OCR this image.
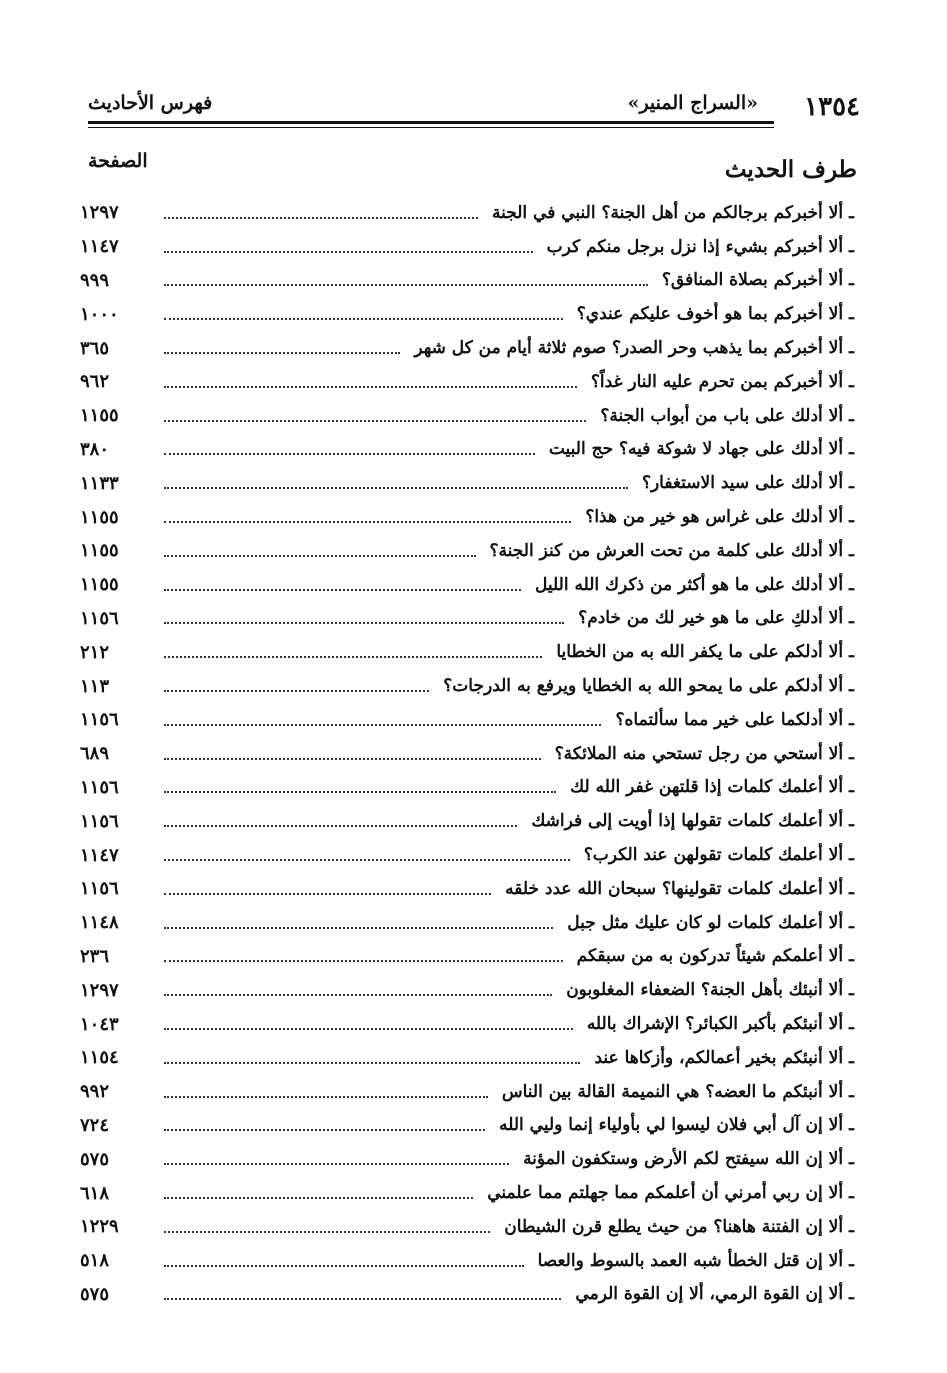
١٣٥٤
«السراج المنير»
فهرس الأحاديث
طرف الحديث
الصفحة
ـ ألا أخبركم برجالكم من أهل الجنة؟ النبي في الجنة
١٢٩٧
ـ ألا أخبركم بشيء إذا نزل برجل منكم كرب
١١٤٧
ـ ألا أخبركم بصلاة المنافق؟
٩٩٩
ـ ألا أخبركم بما هو أخوف عليكم عندي؟
١٠٠٠
ـ ألا أخبركم بما يذهب وحر الصدر؟ صوم ثلاثة أيام من كل شهر
٣٦٥
ـ ألا أخبركم بمن تحرم عليه النار غداً؟
٩٦٢
ـ ألا أدلك على باب من أبواب الجنة؟
١١٥٥
ـ ألا أدلك على جهاد لا شوكة فيه؟ حج البيت
٣٨٠
ـ ألا أدلك على سيد الاستغفار؟
١١٣٣
ـ ألا أدلك على غراس هو خير من هذا؟
١١٥٥
ـ ألا أدلك على كلمة من تحت العرش من كنز الجنة؟
١١٥٥
ـ ألا أدلك على ما هو أكثر من ذكرك الله الليل
١١٥٥
ـ ألا أدلكِ على ما هو خير لك من خادم؟
١١٥٦
ـ ألا أدلكم على ما يكفر الله به من الخطايا
٢١٢
ـ ألا أدلكم على ما يمحو الله به الخطايا ويرفع به الدرجات؟
١١٣
ـ ألا أدلكما على خير مما سألتماه؟
١١٥٦
ـ ألا أستحي من رجل تستحي منه الملائكة؟
٦٨٩
ـ ألا أعلمك كلمات إذا قلتهن غفر الله لك
١١٥٦
ـ ألا أعلمك كلمات تقولها إذا أويت إلى فراشك
١١٥٦
ـ ألا أعلمك كلمات تقولهن عند الكرب؟
١١٤٧
ـ ألا أعلمك كلمات تقولينها؟ سبحان الله عدد خلقه
١١٥٦
ـ ألا أعلمك كلمات لو كان عليك مثل جبل
١١٤٨
ـ ألا أعلمكم شيئاً تدركون به من سبقكم
٢٣٦
ـ ألا أنبئك بأهل الجنة؟ الضعفاء المغلوبون
١٢٩٧
ـ ألا أنبئكم بأكبر الكبائر؟ الإشراك بالله
١٠٤٣
ـ ألا أنبئكم بخير أعمالكم، وأزكاها عند
١١٥٤
ـ ألا أنبئكم ما العضه؟ هي النميمة القالة بين الناس
٩٩٢
ـ ألا إن آل أبي فلان ليسوا لي بأولياء إنما وليي الله
٧٢٤
ـ ألا إن الله سيفتح لكم الأرض وستكفون المؤنة
٥٧٥
ـ ألا إن ربي أمرني أن أعلمكم مما جهلتم مما علمني
٦١٨
ـ ألا إن الفتنة هاهنا؟ من حيث يطلع قرن الشيطان
١٢٢٩
ـ ألا إن قتل الخطأ شبه العمد بالسوط والعصا
٥١٨
ـ ألا إن القوة الرمي، ألا إن القوة الرمي
٥٧٥
